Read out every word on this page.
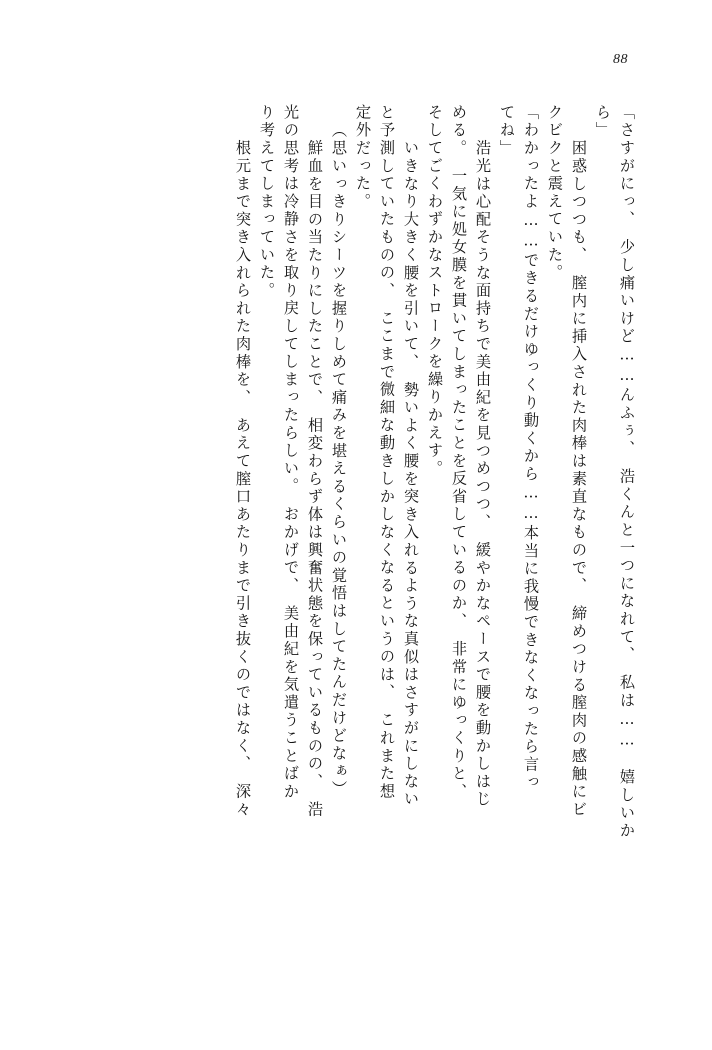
88
「さすがにっ、　少し痛いけど……んふぅ、　浩くんと一つになれて、　私は……　嬉しいか
ら」
　困惑しつつも、　膣内に挿入された肉棒は素直なもので、　締めつける膣肉の感触にビ
クビクと震えていた。
「わかったよ……できるだけゆっくり動くから……本当に我慢できなくなったら言っ
てね」
　浩光は心配そうな面持ちで美由紀を見つめつつ、　緩やかなペースで腰を動かしはじ
める。　一気に処女膜を貫いてしまったことを反省しているのか、　非常にゆっくりと、
そしてごくわずかなストロークを繰りかえす。
　いきなり大きく腰を引いて、　勢いよく腰を突き入れるような真似はさすがにしない
と予測していたものの、　ここまで微細な動きしかしなくなるというのは、　これまた想
定外だった。
（思いっきりシーツを握りしめて痛みを堪えるくらいの覚悟はしてたんだけどなぁ）
　鮮血を目の当たりにしたことで、　相変わらず体は興奮状態を保っているものの、　浩
光の思考は冷静さを取り戻してしまったらしい。　おかげで、　美由紀を気遣うことばか
り考えてしまっていた。
　根元まで突き入れられた肉棒を、　あえて膣口あたりまで引き抜くのではなく、　深々
